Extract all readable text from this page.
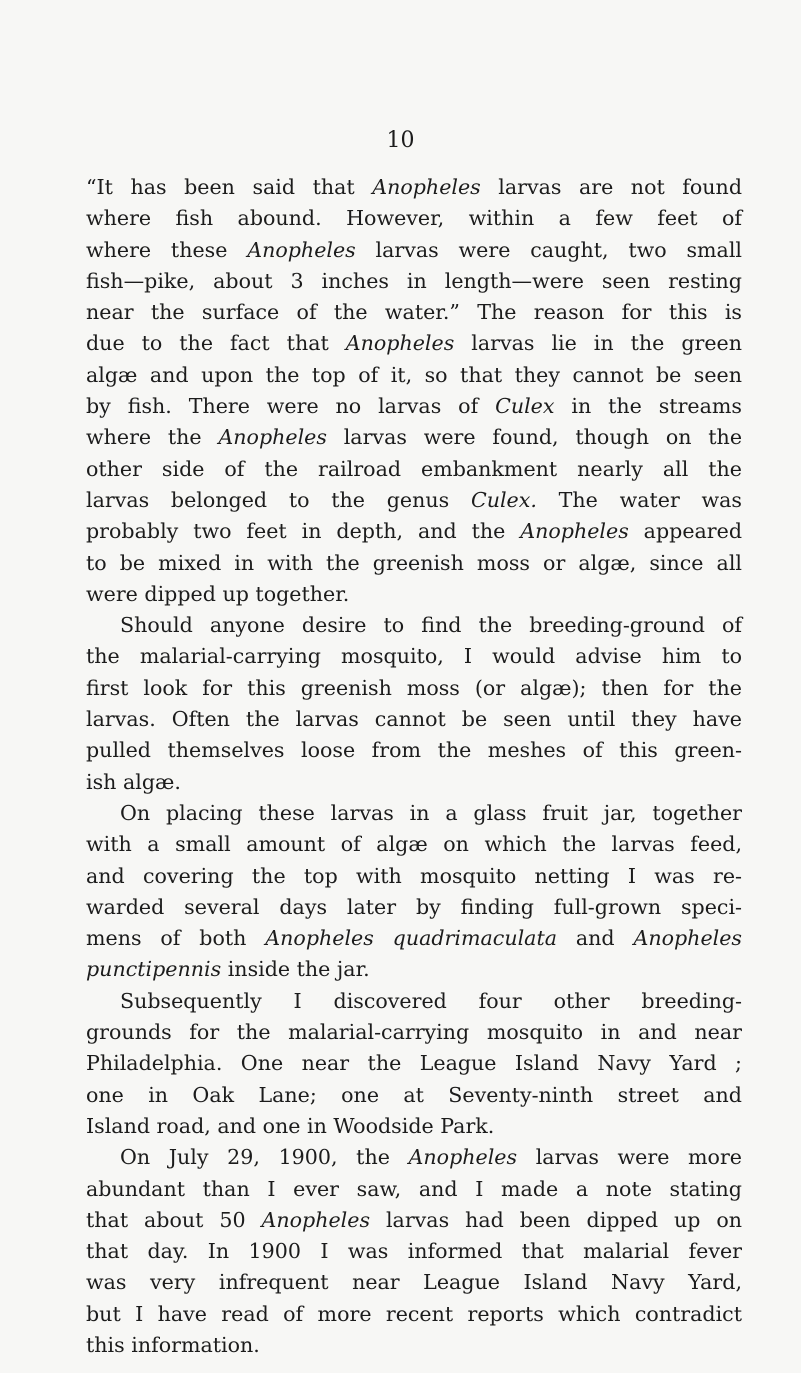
10
“It has been said that Anopheles larvas are not found
where fish abound. However, within a few feet of
where these Anopheles larvas were caught, two small
fish—pike, about 3 inches in length—were seen resting
near the surface of the water.” The reason for this is
due to the fact that Anopheles larvas lie in the green
algæ and upon the top of it, so that they cannot be seen
by fish. There were no larvas of Culex in the streams
where the Anopheles larvas were found, though on the
other side of the railroad embankment nearly all the
larvas belonged to the genus Culex. The water was
probably two feet in depth, and the Anopheles appeared
to be mixed in with the greenish moss or algæ, since all
were dipped up together.
Should anyone desire to find the breeding-ground of
the malarial-carrying mosquito, I would advise him to
first look for this greenish moss (or algæ); then for the
larvas. Often the larvas cannot be seen until they have
pulled themselves loose from the meshes of this green-
ish algæ.
On placing these larvas in a glass fruit jar, together
with a small amount of algæ on which the larvas feed,
and covering the top with mosquito netting I was re-
warded several days later by finding full-grown speci-
mens of both Anopheles quadrimaculata and Anopheles
punctipennis inside the jar.
Subsequently I discovered four other breeding-
grounds for the malarial-carrying mosquito in and near
Philadelphia. One near the League Island Navy Yard ;
one in Oak Lane; one at Seventy-ninth street and
Island road, and one in Woodside Park.
On July 29, 1900, the Anopheles larvas were more
abundant than I ever saw, and I made a note stating
that about 50 Anopheles larvas had been dipped up on
that day. In 1900 I was informed that malarial fever
was very infrequent near League Island Navy Yard,
but I have read of more recent reports which contradict
this information.
